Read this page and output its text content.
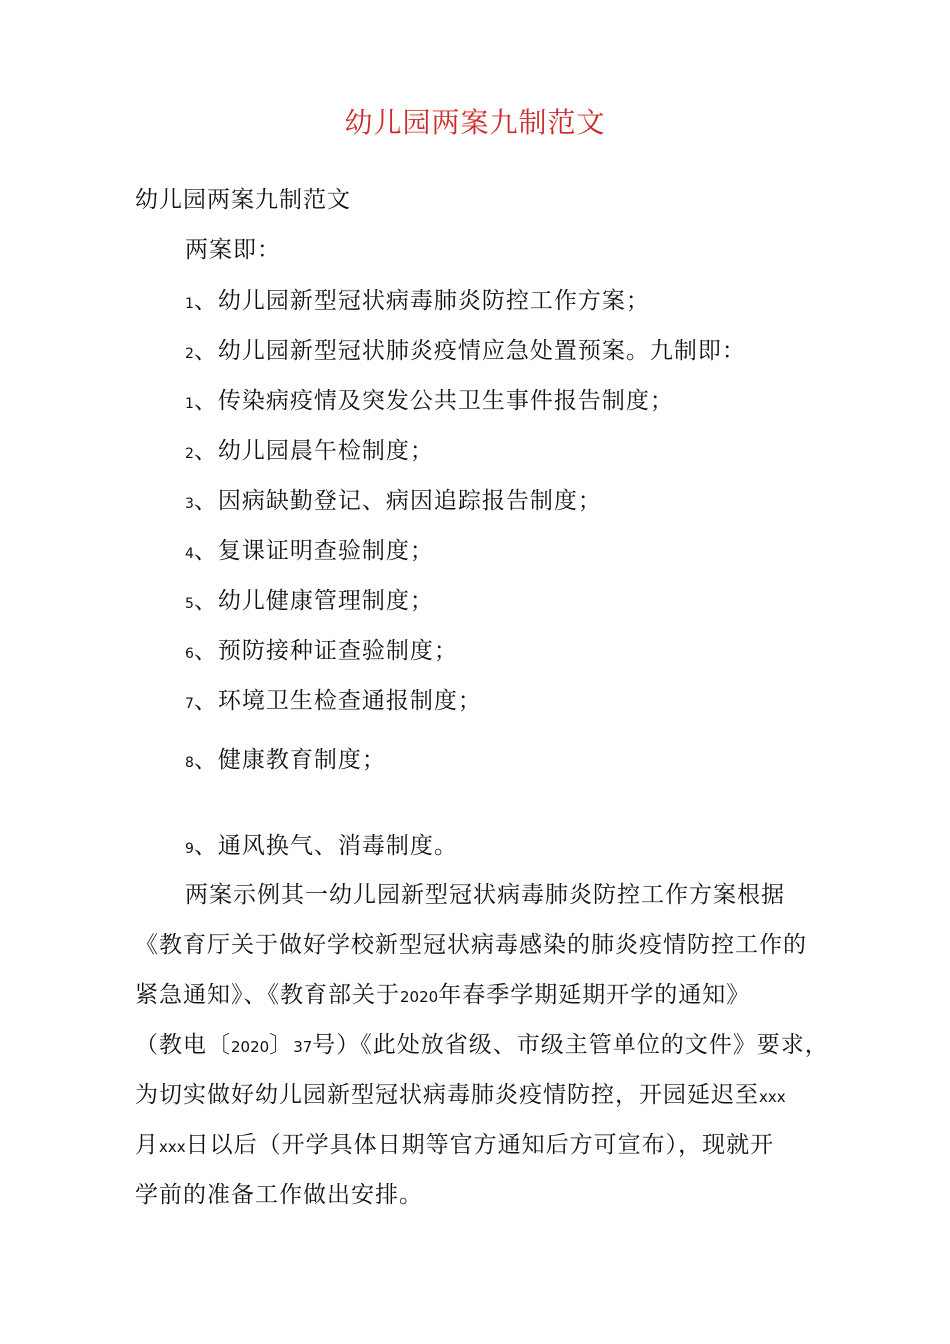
幼儿园两案九制范文
幼儿园两案九制范文
两案即：
1、幼儿园新型冠状病毒肺炎防控工作方案；
2、幼儿园新型冠状肺炎疫情应急处置预案。九制即：
1、传染病疫情及突发公共卫生事件报告制度；
2、幼儿园晨午检制度；
3、因病缺勤登记、病因追踪报告制度；
4、复课证明查验制度；
5、幼儿健康管理制度；
6、预防接种证查验制度；
7、环境卫生检查通报制度；
8、健康教育制度；
9、通风换气、消毒制度。
两案示例其一幼儿园新型冠状病毒肺炎防控工作方案根据
《教育厅关于做好学校新型冠状病毒感染的肺炎疫情防控工作的
紧急通知》、《教育部关于2020年春季学期延期开学的通知》
（教电〔2020〕37号）《此处放省级、市级主管单位的文件》要求，
为切实做好幼儿园新型冠状病毒肺炎疫情防控，开园延迟至xxx
月xxx日以后（开学具体日期等官方通知后方可宣布），现就开
学前的准备工作做出安排。
